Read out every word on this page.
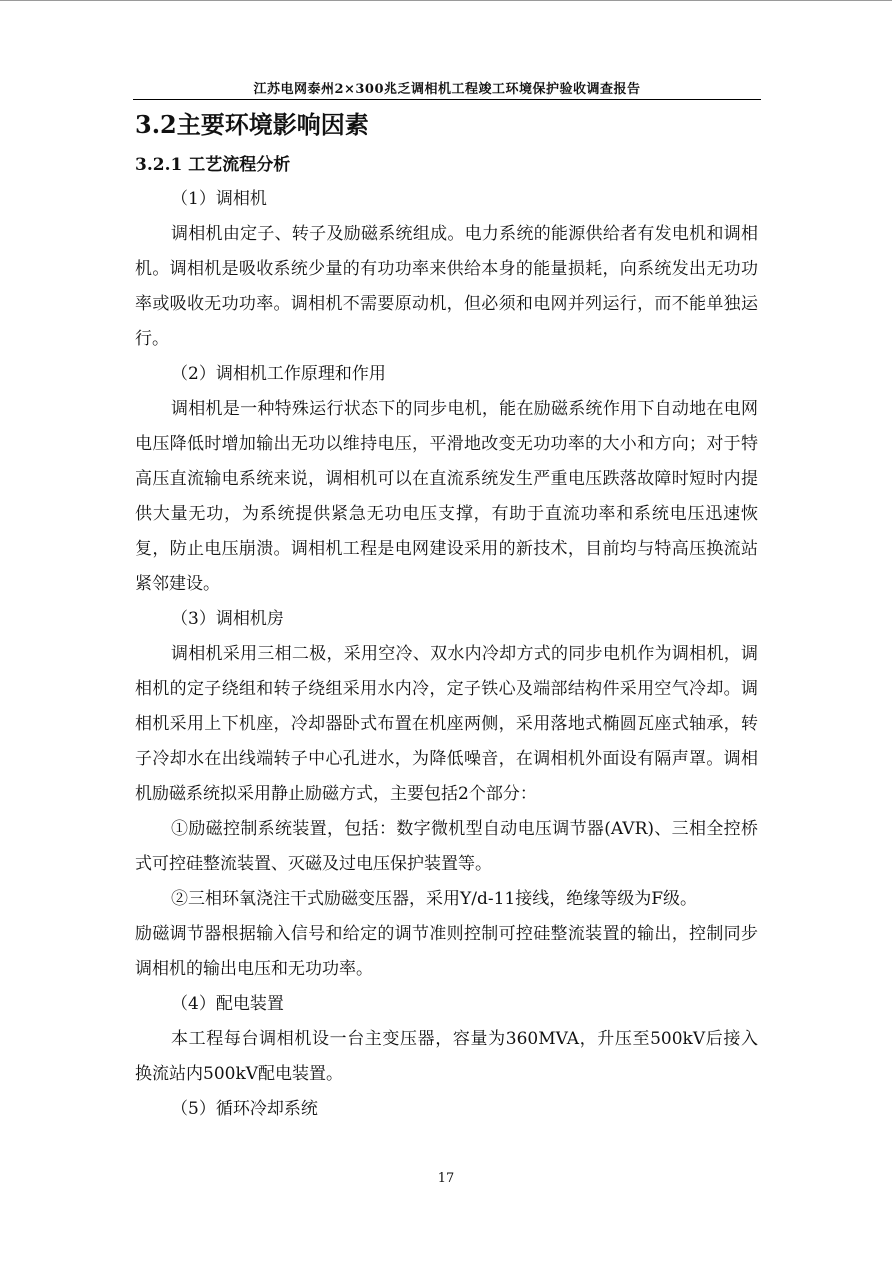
江苏电网泰州2×300兆乏调相机工程竣工环境保护验收调查报告
3.2主要环境影响因素
3.2.1 工艺流程分析
（1）调相机
调相机由定子、转子及励磁系统组成。电力系统的能源供给者有发电机和调相机。调相机是吸收系统少量的有功功率来供给本身的能量损耗，向系统发出无功功率或吸收无功功率。调相机不需要原动机，但必须和电网并列运行，而不能单独运行。
（2）调相机工作原理和作用
调相机是一种特殊运行状态下的同步电机，能在励磁系统作用下自动地在电网电压降低时增加输出无功以维持电压，平滑地改变无功功率的大小和方向；对于特高压直流输电系统来说，调相机可以在直流系统发生严重电压跌落故障时短时内提供大量无功，为系统提供紧急无功电压支撑，有助于直流功率和系统电压迅速恢复，防止电压崩溃。调相机工程是电网建设采用的新技术，目前均与特高压换流站紧邻建设。
（3）调相机房
调相机采用三相二极，采用空冷、双水内冷却方式的同步电机作为调相机，调相机的定子绕组和转子绕组采用水内冷，定子铁心及端部结构件采用空气冷却。调相机采用上下机座，冷却器卧式布置在机座两侧，采用落地式椭圆瓦座式轴承，转子冷却水在出线端转子中心孔进水，为降低噪音，在调相机外面设有隔声罩。调相机励磁系统拟采用静止励磁方式，主要包括2个部分：
①励磁控制系统装置，包括：数字微机型自动电压调节器(AVR)、三相全控桥式可控硅整流装置、灭磁及过电压保护装置等。
②三相环氧浇注干式励磁变压器，采用Y/d-11接线，绝缘等级为F级。
励磁调节器根据输入信号和给定的调节准则控制可控硅整流装置的输出，控制同步调相机的输出电压和无功功率。
（4）配电装置
本工程每台调相机设一台主变压器，容量为360MVA，升压至500kV后接入换流站内500kV配电装置。
（5）循环冷却系统
17
